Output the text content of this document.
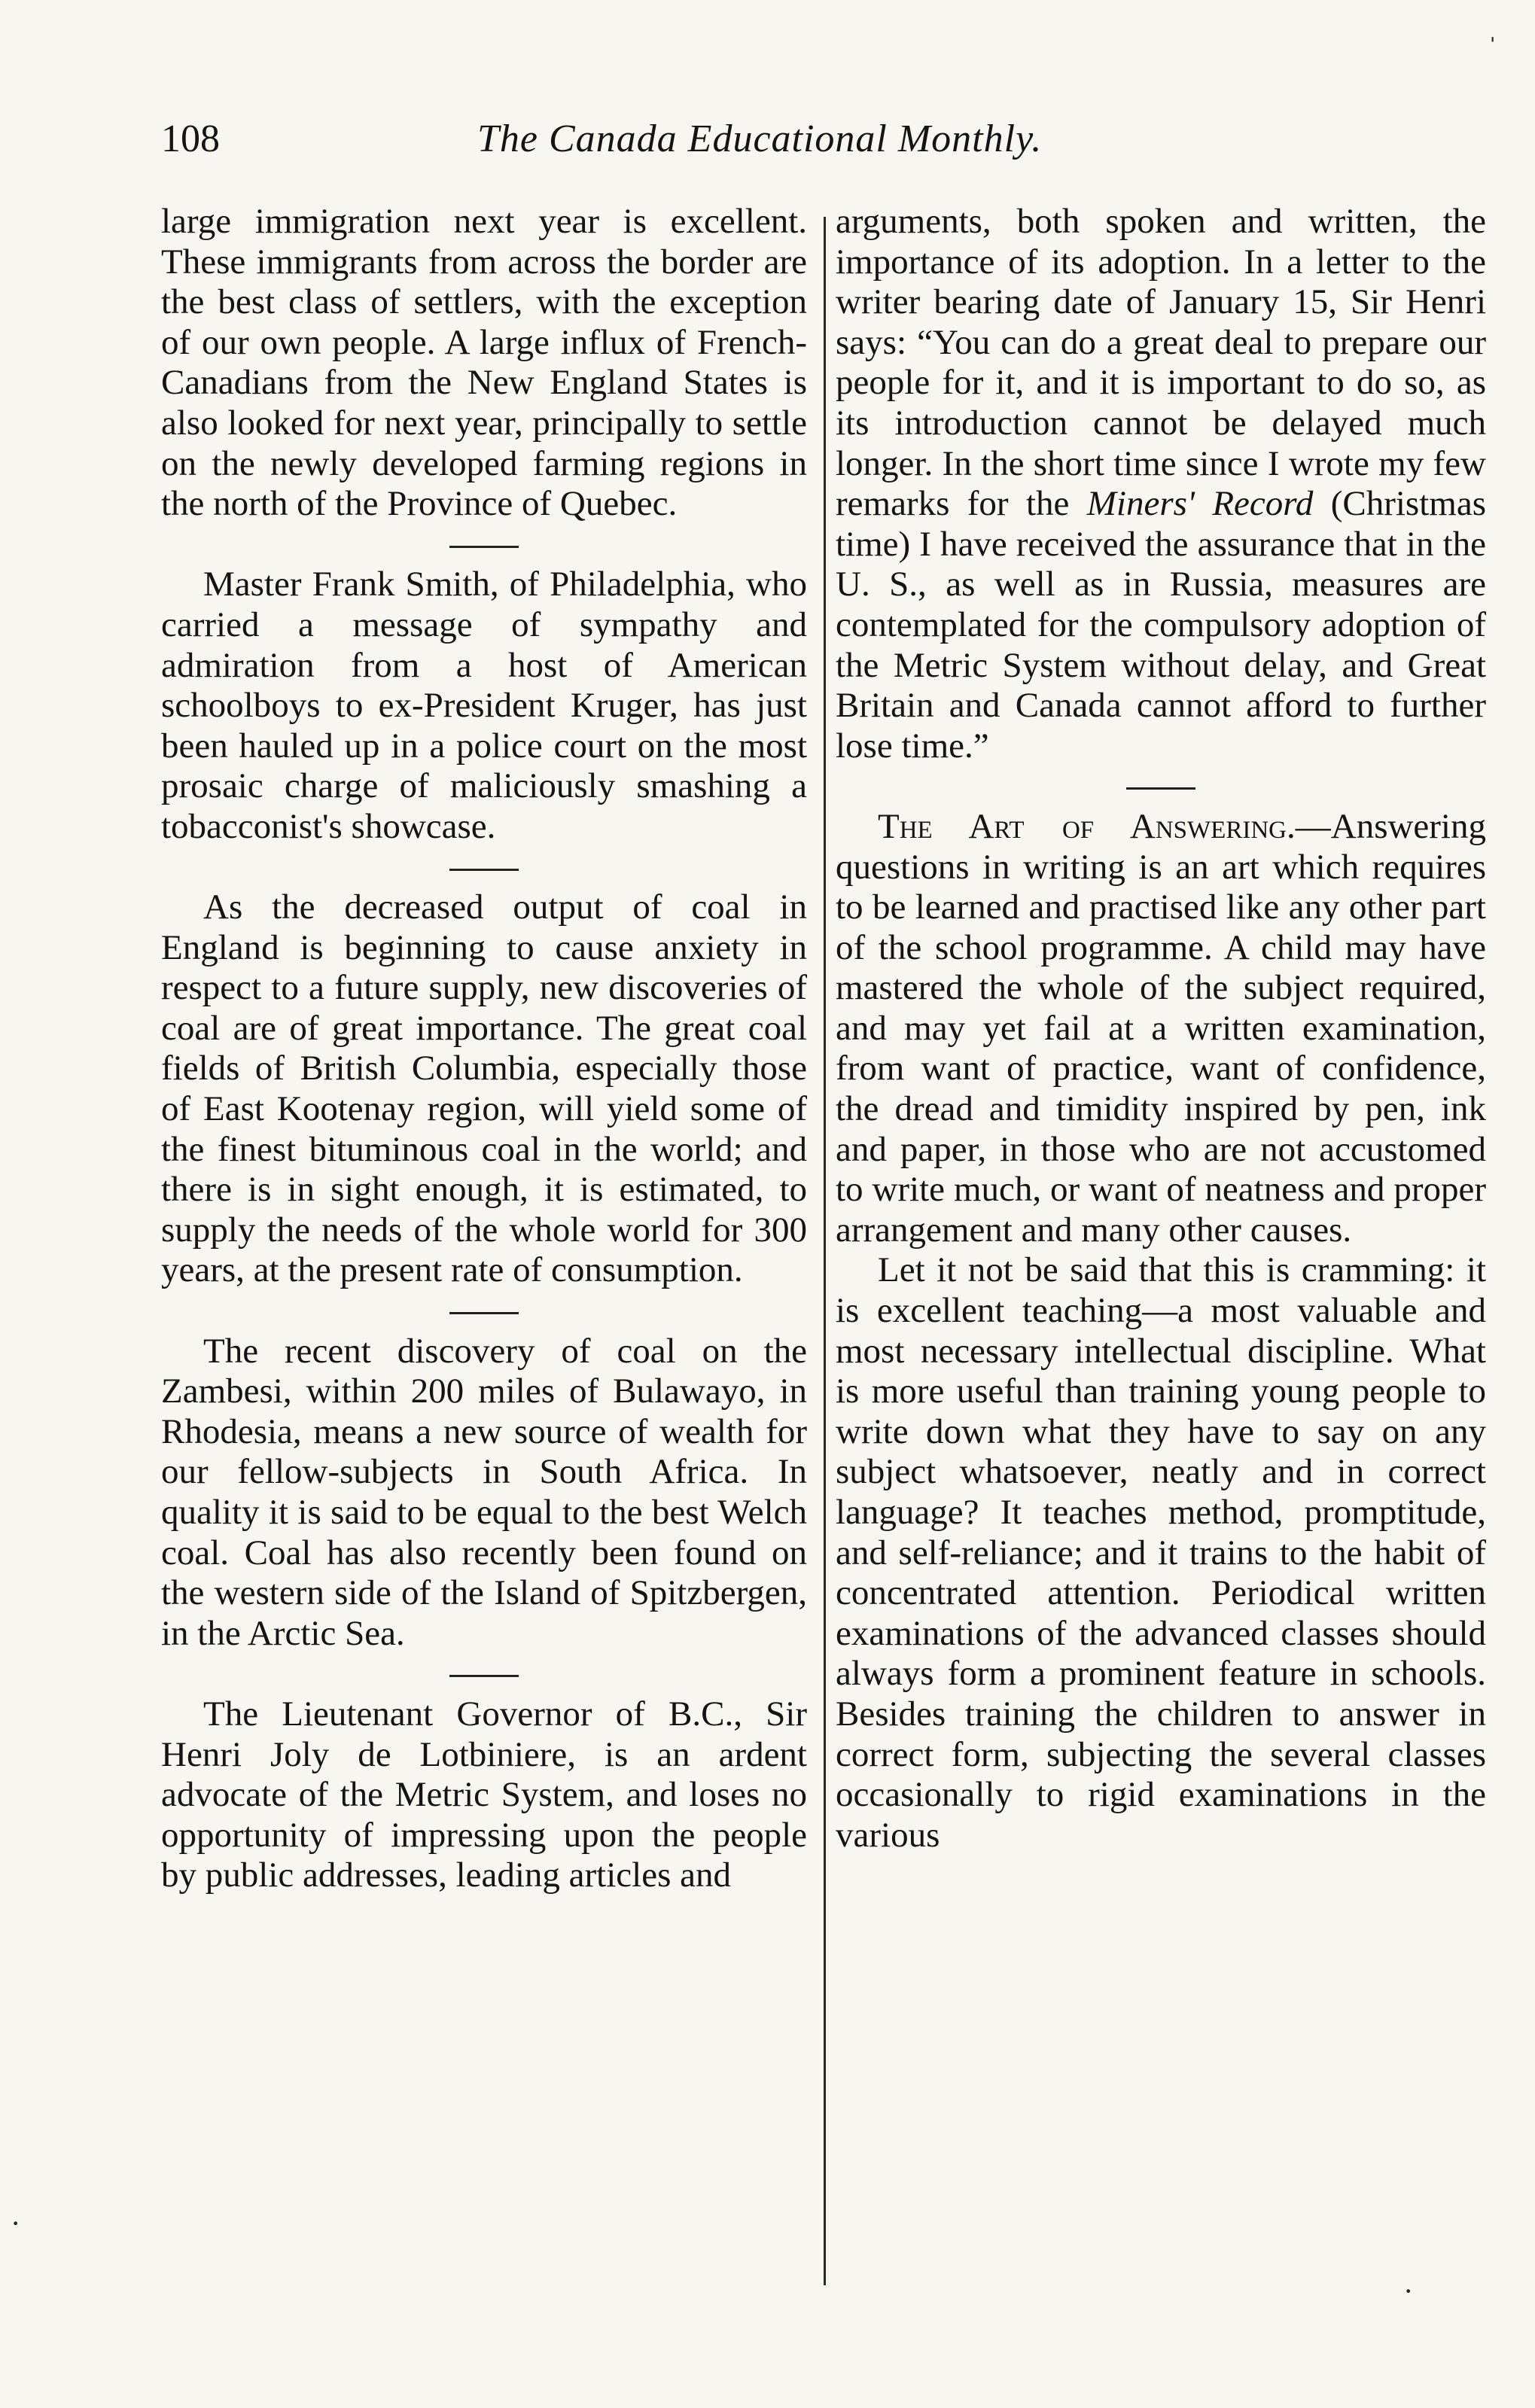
108	The Canada Educational Monthly.

large immigration next year is excellent. These immigrants from across the border are the best class of settlers, with the exception of our own people. A large influx of French-Canadians from the New England States is also looked for next year, principally to settle on the newly developed farming regions in the north of the Province of Quebec.

Master Frank Smith, of Philadelphia, who carried a message of sympathy and admiration from a host of American schoolboys to ex-President Kruger, has just been hauled up in a police court on the most prosaic charge of maliciously smashing a tobacconist's showcase.

As the decreased output of coal in England is beginning to cause anxiety in respect to a future supply, new discoveries of coal are of great importance. The great coal fields of British Columbia, especially those of East Kootenay region, will yield some of the finest bituminous coal in the world; and there is in sight enough, it is estimated, to supply the needs of the whole world for 300 years, at the present rate of consumption.

The recent discovery of coal on the Zambesi, within 200 miles of Bulawayo, in Rhodesia, means a new source of wealth for our fellow-subjects in South Africa. In quality it is said to be equal to the best Welch coal. Coal has also recently been found on the western side of the Island of Spitzbergen, in the Arctic Sea.

The Lieutenant Governor of B.C., Sir Henri Joly de Lotbiniere, is an ardent advocate of the Metric System, and loses no opportunity of impressing upon the people by public addresses, leading articles and

arguments, both spoken and written, the importance of its adoption. In a letter to the writer bearing date of January 15, Sir Henri says: “You can do a great deal to prepare our people for it, and it is important to do so, as its introduction cannot be delayed much longer. In the short time since I wrote my few remarks for the Miners' Record (Christmas time) I have received the assurance that in the U. S., as well as in Russia, measures are contemplated for the compulsory adoption of the Metric System without delay, and Great Britain and Canada cannot afford to further lose time.”

The Art of Answering.—Answering questions in writing is an art which requires to be learned and practised like any other part of the school programme. A child may have mastered the whole of the subject required, and may yet fail at a written examination, from want of practice, want of confidence, the dread and timidity inspired by pen, ink and paper, in those who are not accustomed to write much, or want of neatness and proper arrangement and many other causes.

Let it not be said that this is cramming: it is excellent teaching—a most valuable and most necessary intellectual discipline. What is more useful than training young people to write down what they have to say on any subject whatsoever, neatly and in correct language? It teaches method, promptitude, and self-reliance; and it trains to the habit of concentrated attention. Periodical written examinations of the advanced classes should always form a prominent feature in schools. Besides training the children to answer in correct form, subjecting the several classes occasionally to rigid examinations in the various

ˌ
·
·
